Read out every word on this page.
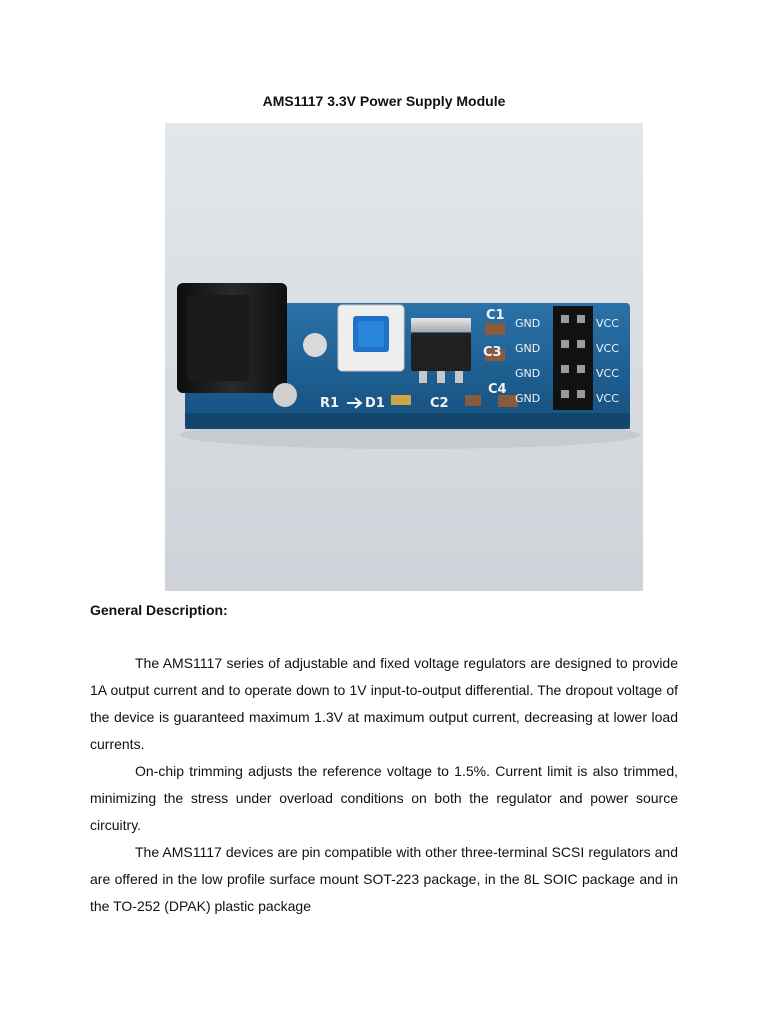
AMS1117 3.3V Power Supply Module
C1
C3
C4
C2
R1 D1
GND
GND
GND
GND
VCC
VCC
VCC
VCC
General Description:

The AMS1117 series of adjustable and fixed voltage regulators are designed to provide 1A output current and to operate down to 1V input-to-output differential. The dropout voltage of the device is guaranteed maximum 1.3V at maximum output current, decreasing at lower load currents.

On-chip trimming adjusts the reference voltage to 1.5%. Current limit is also trimmed, minimizing the stress under overload conditions on both the regulator and power source circuitry.

The AMS1117 devices are pin compatible with other three-terminal SCSI regulators and are offered in the low profile surface mount SOT-223 package, in the 8L SOIC package and in the TO-252 (DPAK) plastic package
